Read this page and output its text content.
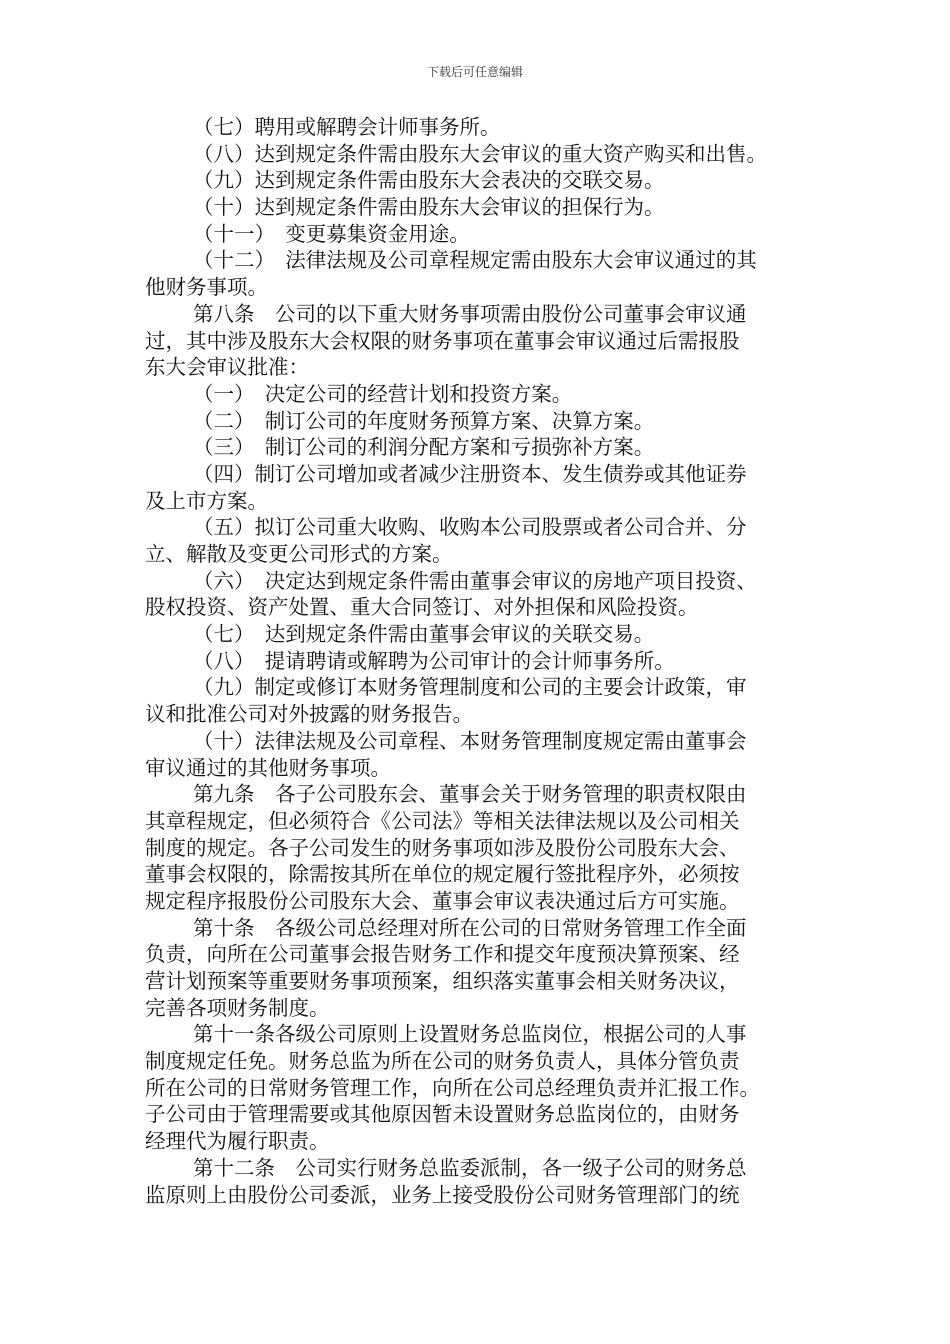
下载后可任意编辑
（七）聘用或解聘会计师事务所。
（八）达到规定条件需由股东大会审议的重大资产购买和出售。
（九）达到规定条件需由股东大会表决的交联交易。
（十）达到规定条件需由股东大会审议的担保行为。
（十一）　变更募集资金用途。
（十二）　法律法规及公司章程规定需由股东大会审议通过的其
他财务事项。
第八条　公司的以下重大财务事项需由股份公司董事会审议通
过，其中涉及股东大会权限的财务事项在董事会审议通过后需报股
东大会审议批准：
（一）　决定公司的经营计划和投资方案。
（二）　制订公司的年度财务预算方案、决算方案。
（三）　制订公司的利润分配方案和亏损弥补方案。
（四）制订公司增加或者减少注册资本、发生债券或其他证券
及上市方案。
（五）拟订公司重大收购、收购本公司股票或者公司合并、分
立、解散及变更公司形式的方案。
（六）　决定达到规定条件需由董事会审议的房地产项目投资、
股权投资、资产处置、重大合同签订、对外担保和风险投资。
（七）　达到规定条件需由董事会审议的关联交易。
（八）　提请聘请或解聘为公司审计的会计师事务所。
（九）制定或修订本财务管理制度和公司的主要会计政策，审
议和批准公司对外披露的财务报告。
（十）法律法规及公司章程、本财务管理制度规定需由董事会
审议通过的其他财务事项。
第九条　各子公司股东会、董事会关于财务管理的职责权限由
其章程规定，但必须符合《公司法》等相关法律法规以及公司相关
制度的规定。各子公司发生的财务事项如涉及股份公司股东大会、
董事会权限的，除需按其所在单位的规定履行签批程序外，必须按
规定程序报股份公司股东大会、董事会审议表决通过后方可实施。
第十条　各级公司总经理对所在公司的日常财务管理工作全面
负责，向所在公司董事会报告财务工作和提交年度预决算预案、经
营计划预案等重要财务事项预案，组织落实董事会相关财务决议，
完善各项财务制度。
第十一条各级公司原则上设置财务总监岗位，根据公司的人事
制度规定任免。财务总监为所在公司的财务负责人，具体分管负责
所在公司的日常财务管理工作，向所在公司总经理负责并汇报工作。
子公司由于管理需要或其他原因暂未设置财务总监岗位的，由财务
经理代为履行职责。
第十二条　公司实行财务总监委派制，各一级子公司的财务总
监原则上由股份公司委派，业务上接受股份公司财务管理部门的统
